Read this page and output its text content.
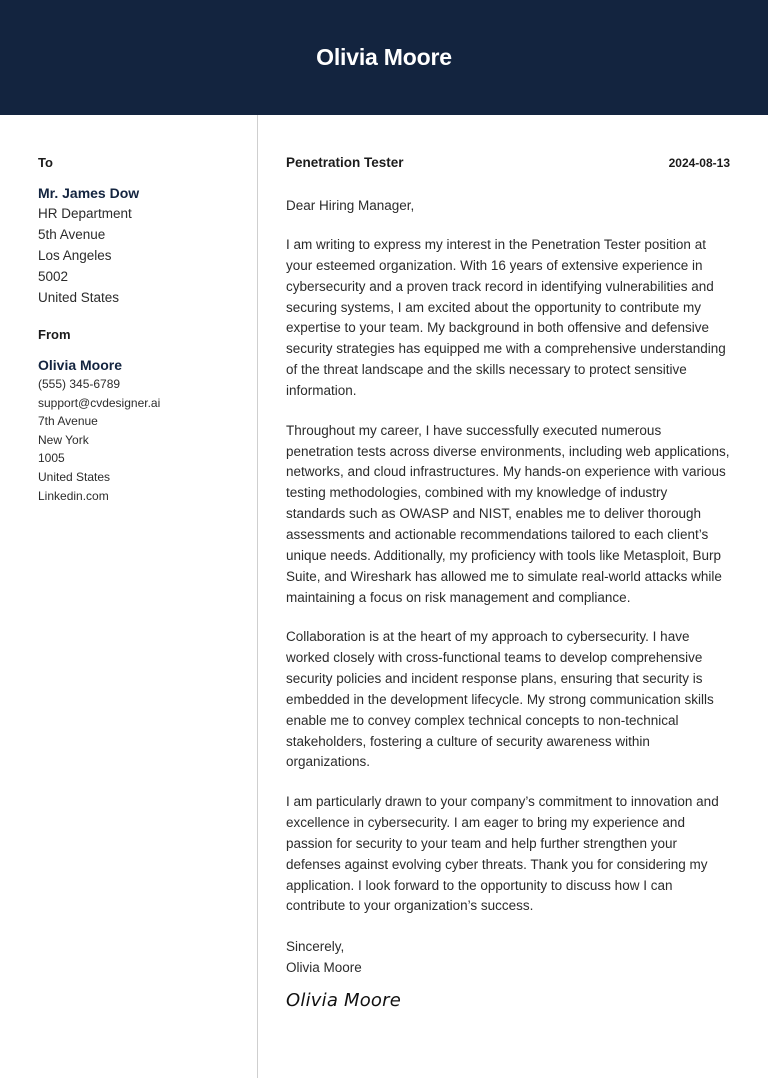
Olivia Moore

To

Mr. James Dow
HR Department
5th Avenue
Los Angeles
5002
United States

From

Olivia Moore
(555) 345-6789
support@cvdesigner.ai
7th Avenue
New York
1005
United States
Linkedin.com
Penetration Tester	2024-08-13
Dear Hiring Manager,
I am writing to express my interest in the Penetration Tester position at your esteemed organization. With 16 years of extensive experience in cybersecurity and a proven track record in identifying vulnerabilities and securing systems, I am excited about the opportunity to contribute my expertise to your team. My background in both offensive and defensive security strategies has equipped me with a comprehensive understanding of the threat landscape and the skills necessary to protect sensitive information.
Throughout my career, I have successfully executed numerous penetration tests across diverse environments, including web applications, networks, and cloud infrastructures. My hands-on experience with various testing methodologies, combined with my knowledge of industry standards such as OWASP and NIST, enables me to deliver thorough assessments and actionable recommendations tailored to each client’s unique needs. Additionally, my proficiency with tools like Metasploit, Burp Suite, and Wireshark has allowed me to simulate real-world attacks while maintaining a focus on risk management and compliance.
Collaboration is at the heart of my approach to cybersecurity. I have worked closely with cross-functional teams to develop comprehensive security policies and incident response plans, ensuring that security is embedded in the development lifecycle. My strong communication skills enable me to convey complex technical concepts to non-technical stakeholders, fostering a culture of security awareness within organizations.
I am particularly drawn to your company’s commitment to innovation and excellence in cybersecurity. I am eager to bring my experience and passion for security to your team and help further strengthen your defenses against evolving cyber threats. Thank you for considering my application. I look forward to the opportunity to discuss how I can contribute to your organization’s success.
Sincerely,
Olivia Moore
Olivia Moore
